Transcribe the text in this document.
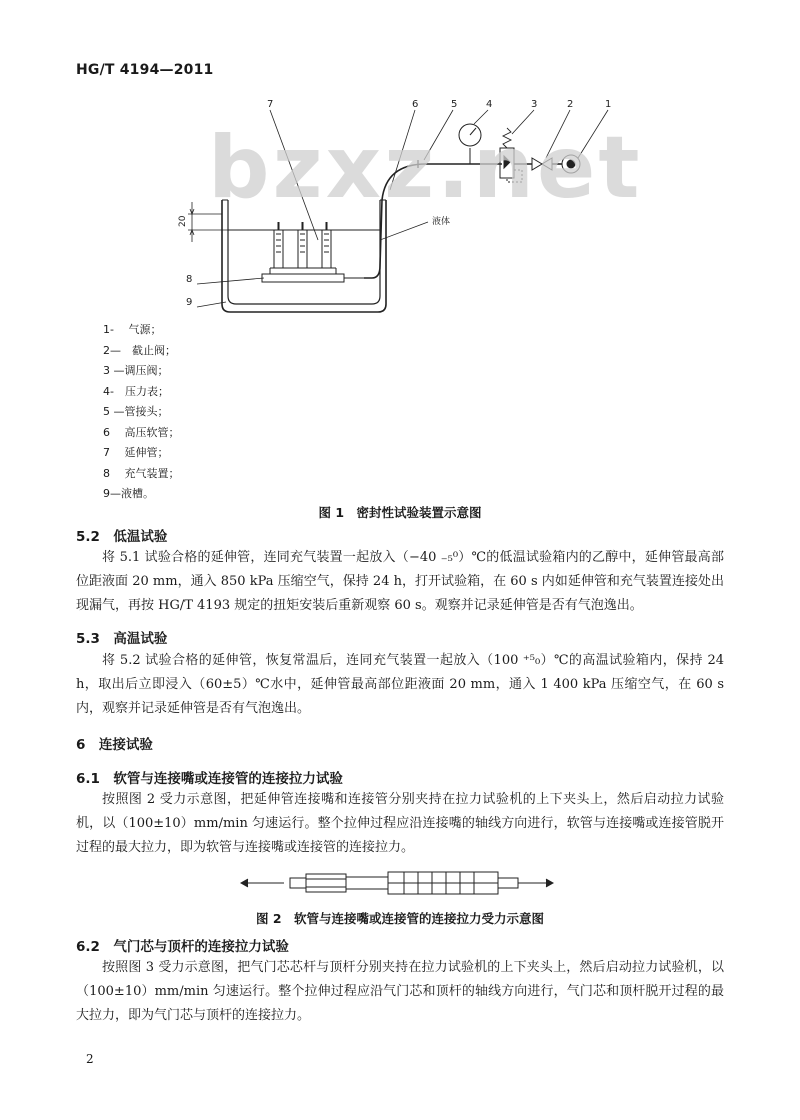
HG/T 4194—2011
7	6	5	4	3	2	1
8
9
20	液体
bzxz.net
1-　 气源；
2—　截止阀；
3 —调压阀；
4-　压力表；
5 —管接头；
6　 高压软管；
7　 延伸管；
8　 充气装置；
9—液槽。
图 1　密封性试验装置示意图
5.2　低温试验
将 5.1 试验合格的延伸管，连同充气装置一起放入（−40 ₋₅⁰）℃的低温试验箱内的乙醇中，延伸管最高部位距液面 20 mm，通入 850 kPa 压缩空气，保持 24 h，打开试验箱，在 60 s 内如延伸管和充气装置连接处出现漏气，再按 HG/T 4193 规定的扭矩安装后重新观察 60 s。观察并记录延伸管是否有气泡逸出。
5.3　高温试验
将 5.2 试验合格的延伸管，恢复常温后，连同充气装置一起放入（100 ⁺⁵₀）℃的高温试验箱内，保持 24 h，取出后立即浸入（60±5）℃水中，延伸管最高部位距液面 20 mm，通入 1 400 kPa 压缩空气，在 60 s 内，观察并记录延伸管是否有气泡逸出。
6　连接试验
6.1　软管与连接嘴或连接管的连接拉力试验
按照图 2 受力示意图，把延伸管连接嘴和连接管分别夹持在拉力试验机的上下夹头上，然后启动拉力试验机，以（100±10）mm/min 匀速运行。整个拉伸过程应沿连接嘴的轴线方向进行，软管与连接嘴或连接管脱开过程的最大拉力，即为软管与连接嘴或连接管的连接拉力。
图 2　软管与连接嘴或连接管的连接拉力受力示意图
6.2　气门芯与顶杆的连接拉力试验
按照图 3 受力示意图，把气门芯芯杆与顶杆分别夹持在拉力试验机的上下夹头上，然后启动拉力试验机，以（100±10）mm/min 匀速运行。整个拉伸过程应沿气门芯和顶杆的轴线方向进行，气门芯和顶杆脱开过程的最大拉力，即为气门芯与顶杆的连接拉力。
2
